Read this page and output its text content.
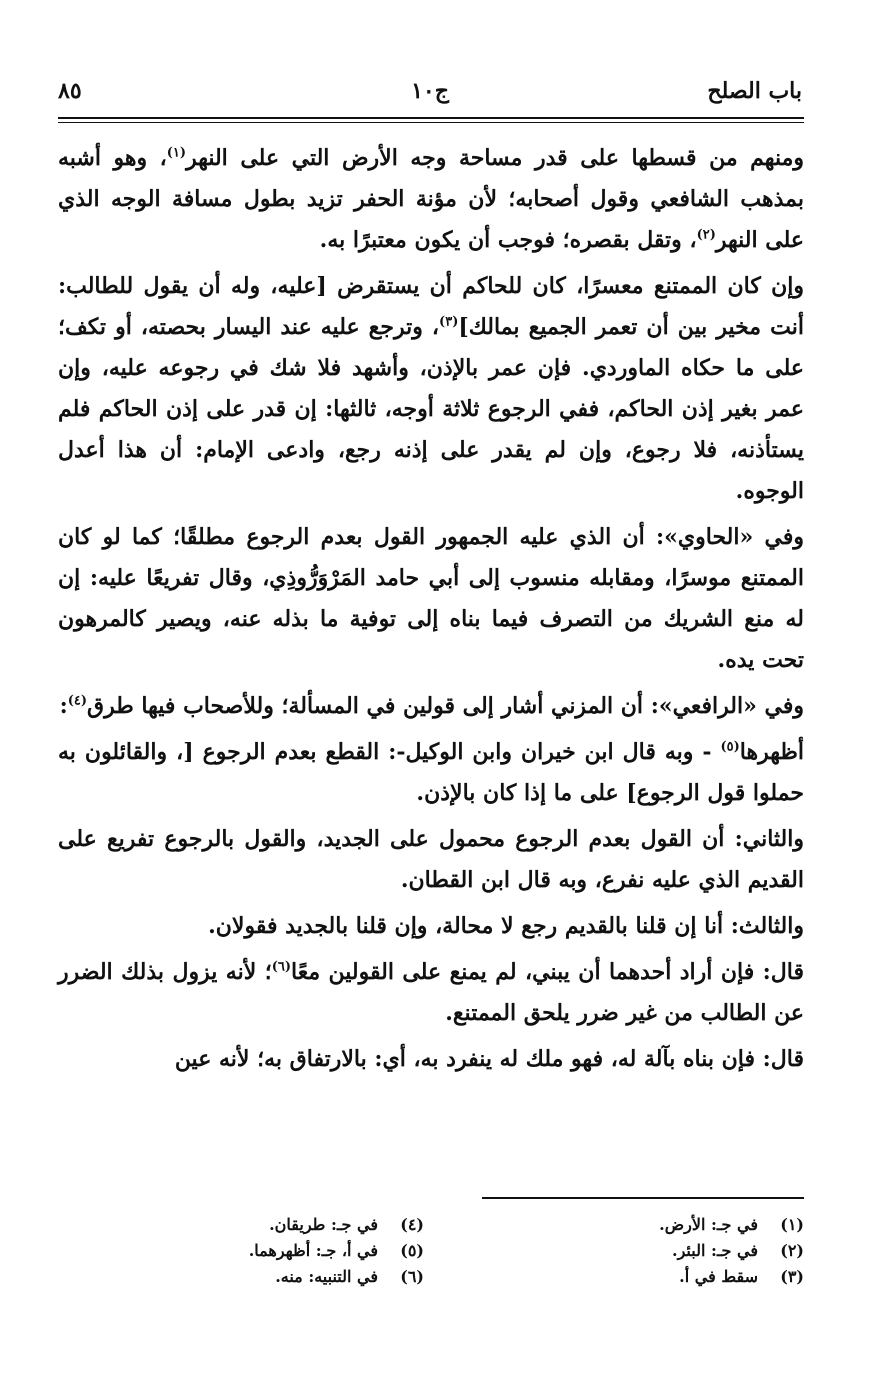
باب الصلح
ج١٠
٨٥

ومنهم من قسطها على قدر مساحة وجه الأرض التي على النهر$^{(١)}$، وهو أشبه بمذهب الشافعي وقول أصحابه؛ لأن مؤنة الحفر تزيد بطول مسافة الوجه الذي على النهر$^{(٢)}$، وتقل بقصره؛ فوجب أن يكون معتبرًا به.

وإن كان الممتنع معسرًا، كان للحاكم أن يستقرض [عليه، وله أن يقول للطالب: أنت مخير بين أن تعمر الجميع بمالك]$^{(٣)}$، وترجع عليه عند اليسار بحصته، أو تكف؛ على ما حكاه الماوردي. فإن عمر بالإذن، وأشهد فلا شك في رجوعه عليه، وإن عمر بغير إذن الحاكم، ففي الرجوع ثلاثة أوجه، ثالثها: إن قدر على إذن الحاكم فلم يستأذنه، فلا رجوع، وإن لم يقدر على إذنه رجع، وادعى الإمام: أن هذا أعدل الوجوه.

وفي «الحاوي»: أن الذي عليه الجمهور القول بعدم الرجوع مطلقًا؛ كما لو كان الممتنع موسرًا، ومقابله منسوب إلى أبي حامد المَرْوَرُّوذِي، وقال تفريعًا عليه: إن له منع الشريك من التصرف فيما بناه إلى توفية ما بذله عنه، ويصير كالمرهون تحت يده.

وفي «الرافعي»: أن المزني أشار إلى قولين في المسألة؛ وللأصحاب فيها طرق$^{(٤)}$:

أظهرها$^{(٥)}$ - وبه قال ابن خيران وابن الوكيل-: القطع بعدم الرجوع [، والقائلون به حملوا قول الرجوع] على ما إذا كان بالإذن.

والثاني: أن القول بعدم الرجوع محمول على الجديد، والقول بالرجوع تفريع على القديم الذي عليه نفرع، وبه قال ابن القطان.

والثالث: أنا إن قلنا بالقديم رجع لا محالة، وإن قلنا بالجديد فقولان.

قال: فإن أراد أحدهما أن يبني، لم يمنع على القولين معًا$^{(٦)}$؛ لأنه يزول بذلك الضرر عن الطالب من غير ضرر يلحق الممتنع.

قال: فإن بناه بآلة له، فهو ملك له ينفرد به، أي: بالارتفاق به؛ لأنه عين

(١)في جـ: الأرض.
(٢)في جـ: البئر.
(٣)سقط في أ.
(٤)في جـ: طريقان.
(٥)في أ، جـ: أظهرهما.
(٦)في التنبيه: منه.
